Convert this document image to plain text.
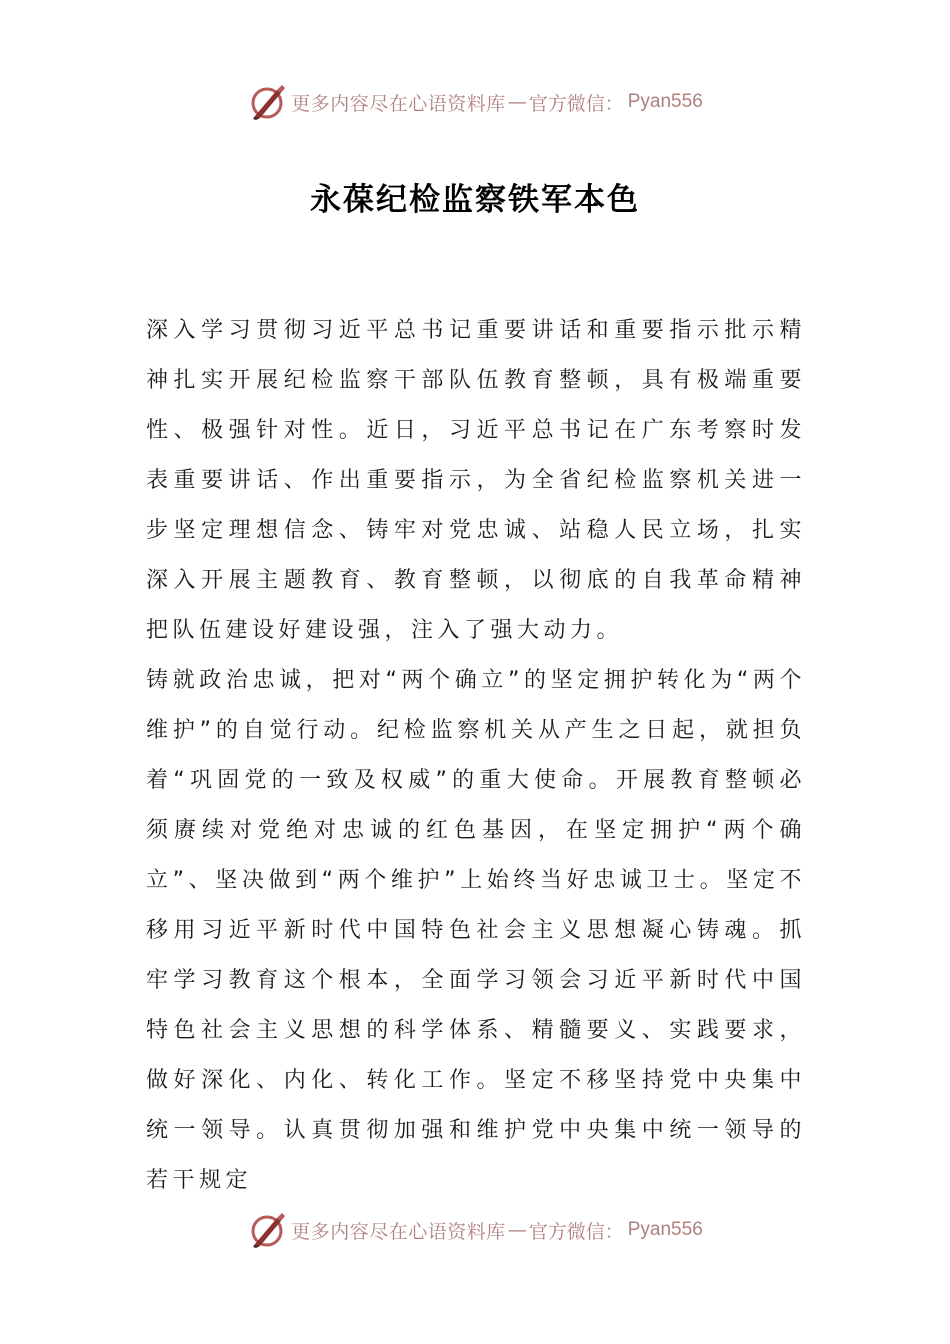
更多内容尽在心语资料库 — 官方微信： Pyan556
永葆纪检监察铁军本色

深入学习贯彻习近平总书记重要讲话和重要指示批示精神扎实开展纪检监察干部队伍教育整顿，具有极端重要性、极强针对性。近日，习近平总书记在广东考察时发表重要讲话、作出重要指示，为全省纪检监察机关进一步坚定理想信念、铸牢对党忠诚、站稳人民立场，扎实深入开展主题教育、教育整顿，以彻底的自我革命精神把队伍建设好建设强，注入了强大动力。

铸就政治忠诚，把对“两个确立”的坚定拥护转化为“两个维护”的自觉行动。纪检监察机关从产生之日起，就担负着“巩固党的一致及权威”的重大使命。开展教育整顿必须赓续对党绝对忠诚的红色基因，在坚定拥护“两个确立”、坚决做到“两个维护”上始终当好忠诚卫士。坚定不移用习近平新时代中国特色社会主义思想凝心铸魂。抓牢学习教育这个根本，全面学习领会习近平新时代中国特色社会主义思想的科学体系、精髓要义、实践要求，做好深化、内化、转化工作。坚定不移坚持党中央集中统一领导。认真贯彻加强和维护党中央集中统一领导的若干规定

更多内容尽在心语资料库 — 官方微信： Pyan556
